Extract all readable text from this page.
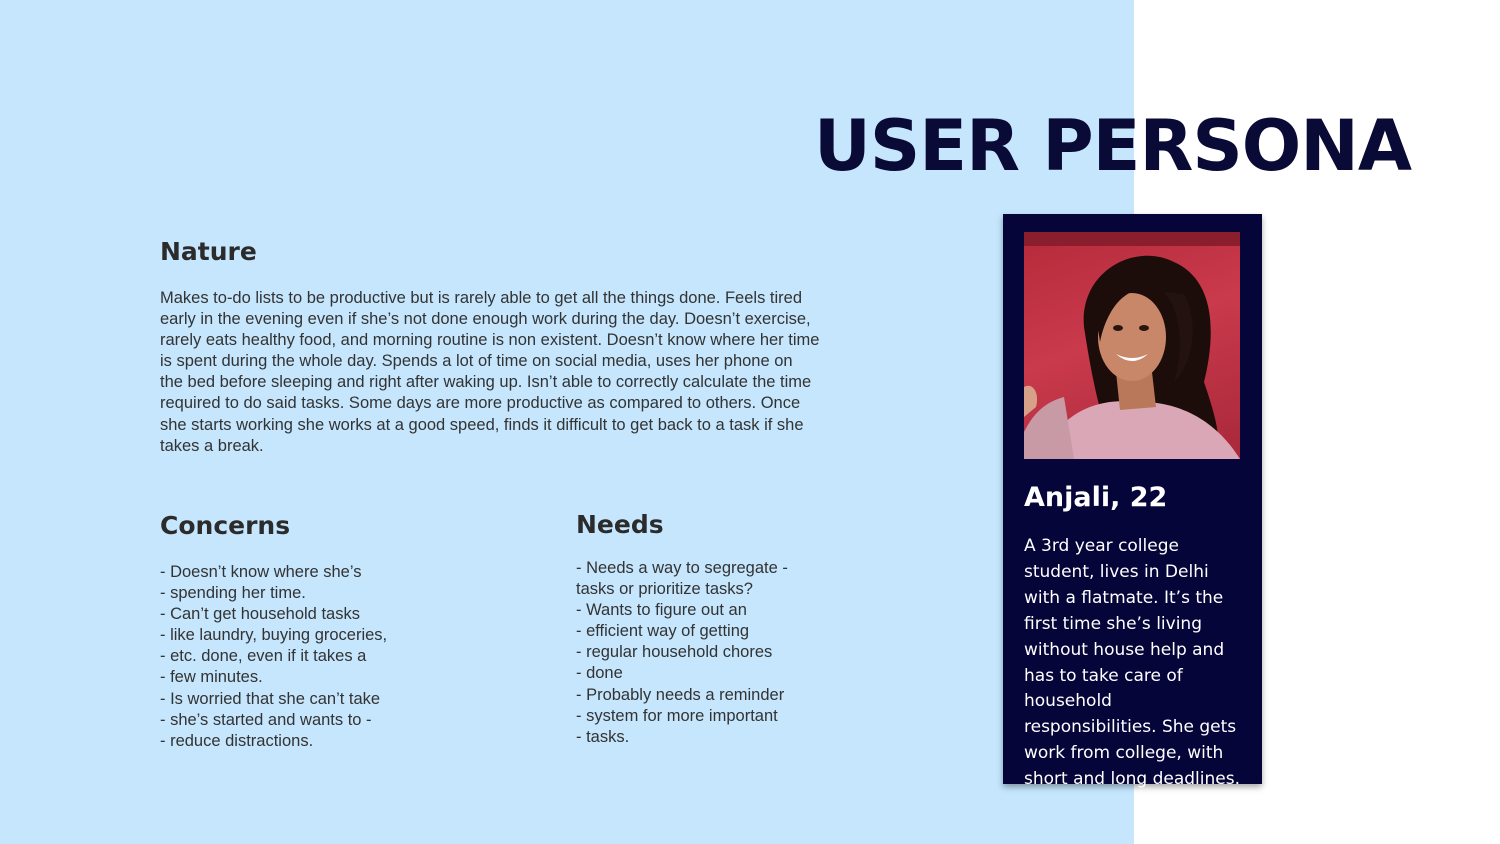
USER PERSONA
Nature

Makes to-do lists to be productive but is rarely able to get all the things done. Feels tired early in the evening even if she’s not done enough work during the day. Doesn’t exercise, rarely eats healthy food, and morning routine is non existent. Doesn’t know where her time is spent during the whole day. Spends a lot of time on social media, uses her phone on the bed before sleeping and right after waking up. Isn’t able to correctly calculate the time required to do said tasks. Some days are more productive as compared to others. Once she starts working she works at a good speed, finds it difficult to get back to a task if she takes a break.

Concerns
- Doesn’t know where she’s
- spending her time.
- Can’t get household tasks
- like laundry, buying groceries,
- etc. done, even if it takes a
- few minutes.
- Is worried that she can’t take
- she’s started and wants to -
- reduce distractions.
Needs
- Needs a way to segregate -
tasks or prioritize tasks?
- Wants to figure out an
- efficient way of getting
- regular household chores
- done
- Probably needs a reminder
- system for more important
- tasks.
Anjali, 22

A 3rd year college student, lives in Delhi with a flatmate. It’s the first time she’s living without house help and has to take care of household responsibilities. She gets work from college, with short and long deadlines.
